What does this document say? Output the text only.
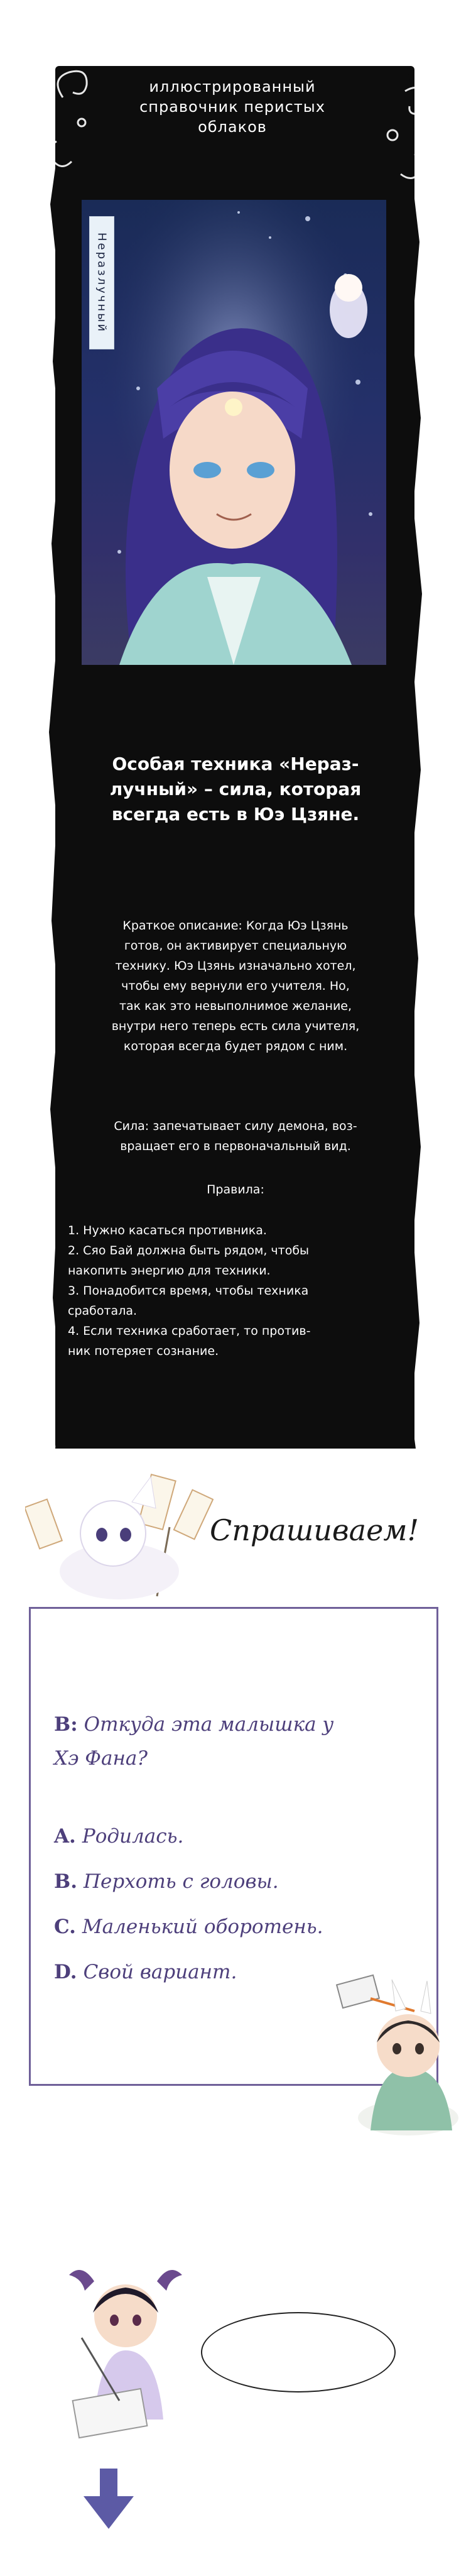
иллюстрированный
справочник перистых
облаков
Неразлучный
Особая техника «Нераз-
лучный» – сила, которая
всегда есть в Юэ Цзяне.
Краткое описание: Когда Юэ Цзянь
готов, он активирует специальную
технику. Юэ Цзянь изначально хотел,
чтобы ему вернули его учителя. Но,
так как это невыполнимое желание,
внутри него теперь есть сила учителя,
которая всегда будет рядом с ним.
Сила: запечатывает силу демона, воз-
вращает его в первоначальный вид.
Правила:
1. Нужно касаться противника.
2. Сяо Бай должна быть рядом, чтобы
накопить энергию для техники.
3. Понадобится время, чтобы техника
сработала.
4. Если техника сработает, то против-
ник потеряет сознание.
Спрашиваем!
В: Откуда эта малышка у
Хэ Фана?
A. Родилась.
B. Перхоть с головы.
C. Маленький оборотень.
D. Свой вариант.
